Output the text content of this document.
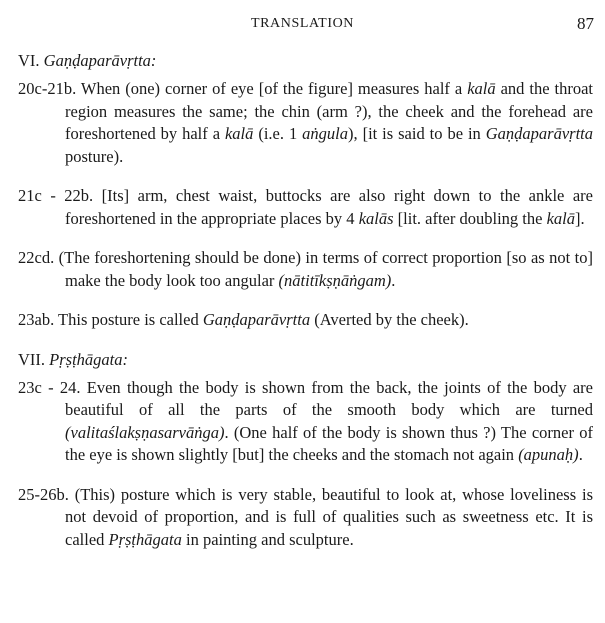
TRANSLATION	87

VI. Gaṇḍaparāvṛtta:

20c-21b. When (one) corner of eye [of the figure] measures half a kalā and the throat region measures the same; the chin (arm ?), the cheek and the forehead are foreshortened by half a kalā (i.e. 1 aṅgula), [it is said to be in Gaṇḍaparāvṛtta posture).

21c - 22b. [Its] arm, chest waist, buttocks are also right down to the ankle are foreshortened in the appropriate places by 4 kalās [lit. after doubling the kalā].

22cd. (The foreshortening should be done) in terms of correct proportion [so as not to] make the body look too angular (nātitīkṣṇāṅgam).

23ab. This posture is called Gaṇḍaparāvṛtta (Averted by the cheek).

VII. Pṛṣṭhāgata:

23c - 24. Even though the body is shown from the back, the joints of the body are beautiful of all the parts of the smooth body which are turned (valitaślakṣṇasarvāṅga). (One half of the body is shown thus ?) The corner of the eye is shown slightly [but] the cheeks and the stomach not again (apunaḥ).

25-26b. (This) posture which is very stable, beautiful to look at, whose loveliness is not devoid of proportion, and is full of qualities such as sweetness etc. It is called Pṛṣṭhāgata in painting and sculpture.
